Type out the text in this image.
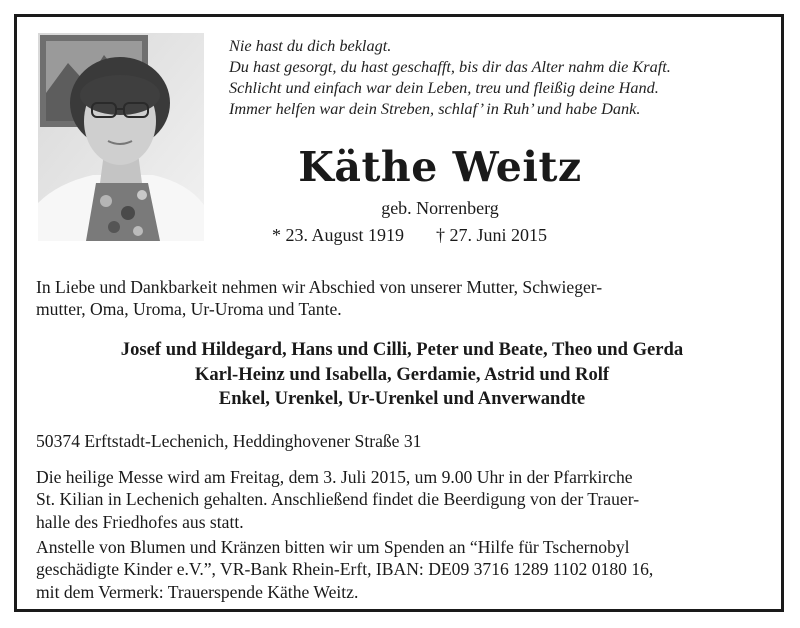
Nie hast du dich beklagt.
Du hast gesorgt, du hast geschafft, bis dir das Alter nahm die Kraft.
Schlicht und einfach war dein Leben, treu und fleißig deine Hand.
Immer helfen war dein Streben, schlaf’ in Ruh’ und habe Dank.
Käthe Weitz
geb. Norrenberg
* 23. August 1919 † 27. Juni 2015
In Liebe und Dankbarkeit nehmen wir Abschied von unserer Mutter, Schwieger-
mutter, Oma, Uroma, Ur-Uroma und Tante.
Josef und Hildegard, Hans und Cilli, Peter und Beate, Theo und Gerda
Karl-Heinz und Isabella, Gerdamie, Astrid und Rolf
Enkel, Urenkel, Ur-Urenkel und Anverwandte
50374 Erftstadt-Lechenich, Heddinghovener Straße 31
Die heilige Messe wird am Freitag, dem 3. Juli 2015, um 9.00 Uhr in der Pfarrkirche
St. Kilian in Lechenich gehalten. Anschließend findet die Beerdigung von der Trauer-
halle des Friedhofes aus statt.
Anstelle von Blumen und Kränzen bitten wir um Spenden an “Hilfe für Tschernobyl
geschädigte Kinder e.V.”, VR-Bank Rhein-Erft, IBAN: DE09 3716 1289 1102 0180 16,
mit dem Vermerk: Trauerspende Käthe Weitz.
